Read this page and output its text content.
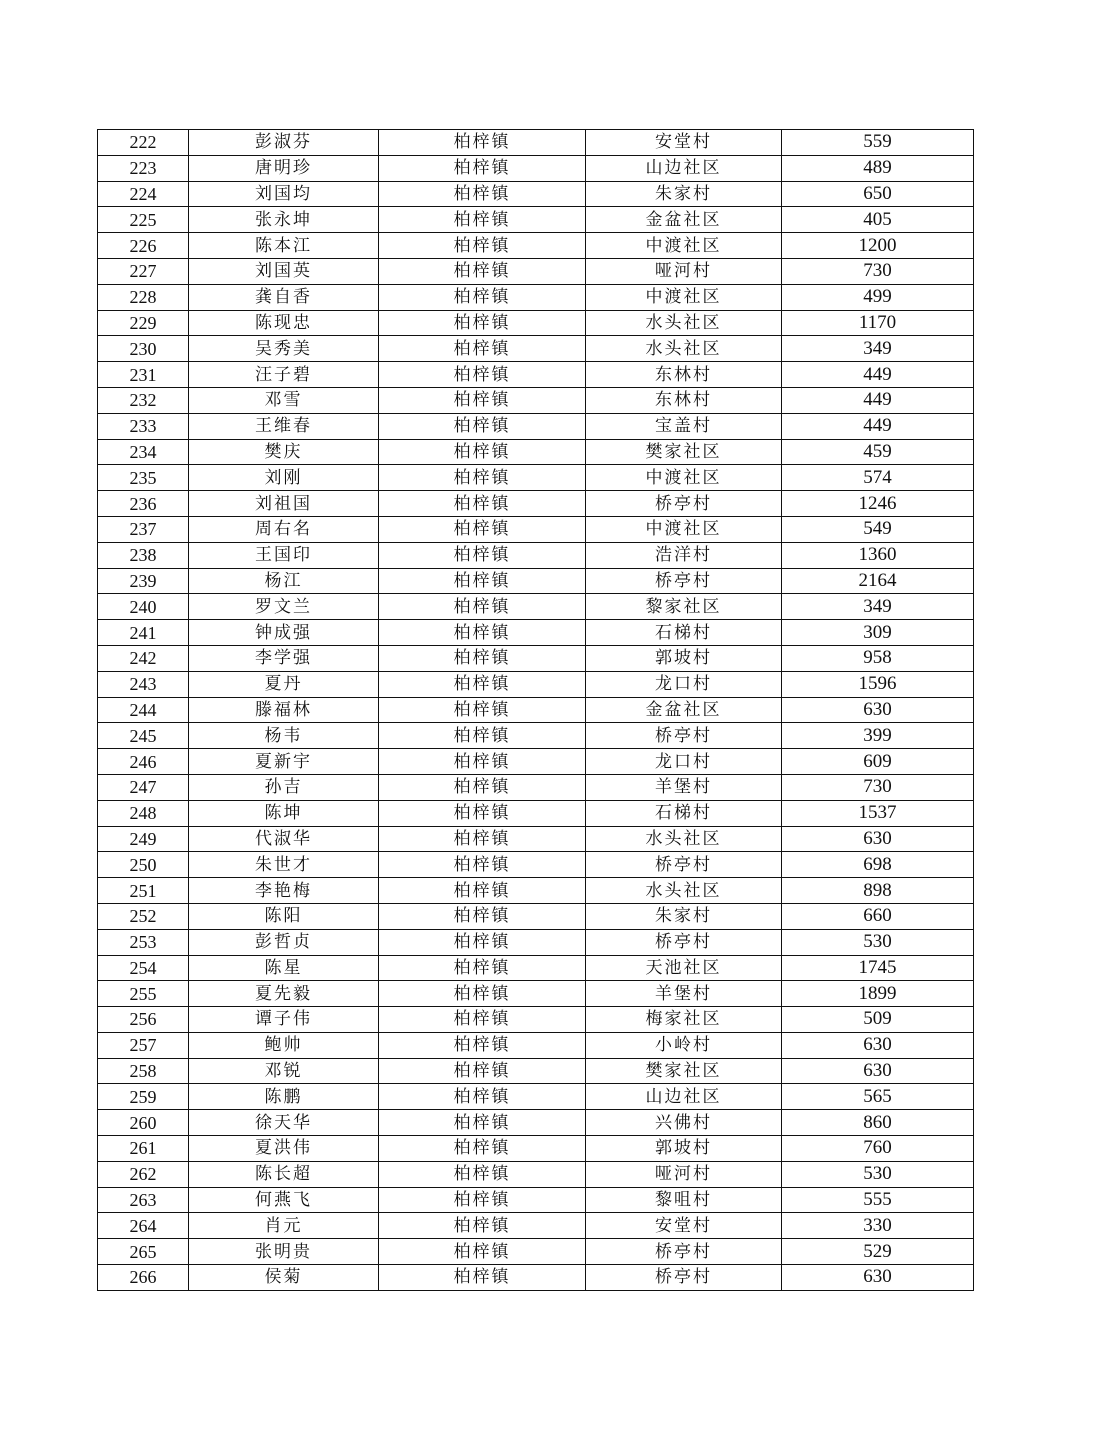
222	彭淑芬	柏梓镇	安堂村	559
223	唐明珍	柏梓镇	山边社区	489
224	刘国均	柏梓镇	朱家村	650
225	张永坤	柏梓镇	金盆社区	405
226	陈本江	柏梓镇	中渡社区	1200
227	刘国英	柏梓镇	哑河村	730
228	龚自香	柏梓镇	中渡社区	499
229	陈现忠	柏梓镇	水头社区	1170
230	吴秀美	柏梓镇	水头社区	349
231	汪子碧	柏梓镇	东林村	449
232	邓雪	柏梓镇	东林村	449
233	王维春	柏梓镇	宝盖村	449
234	樊庆	柏梓镇	樊家社区	459
235	刘刚	柏梓镇	中渡社区	574
236	刘祖国	柏梓镇	桥亭村	1246
237	周右名	柏梓镇	中渡社区	549
238	王国印	柏梓镇	浩洋村	1360
239	杨江	柏梓镇	桥亭村	2164
240	罗文兰	柏梓镇	黎家社区	349
241	钟成强	柏梓镇	石梯村	309
242	李学强	柏梓镇	郭坡村	958
243	夏丹	柏梓镇	龙口村	1596
244	滕福林	柏梓镇	金盆社区	630
245	杨韦	柏梓镇	桥亭村	399
246	夏新宇	柏梓镇	龙口村	609
247	孙吉	柏梓镇	羊堡村	730
248	陈坤	柏梓镇	石梯村	1537
249	代淑华	柏梓镇	水头社区	630
250	朱世才	柏梓镇	桥亭村	698
251	李艳梅	柏梓镇	水头社区	898
252	陈阳	柏梓镇	朱家村	660
253	彭哲贞	柏梓镇	桥亭村	530
254	陈星	柏梓镇	天池社区	1745
255	夏先毅	柏梓镇	羊堡村	1899
256	谭子伟	柏梓镇	梅家社区	509
257	鲍帅	柏梓镇	小岭村	630
258	邓锐	柏梓镇	樊家社区	630
259	陈鹏	柏梓镇	山边社区	565
260	徐天华	柏梓镇	兴佛村	860
261	夏洪伟	柏梓镇	郭坡村	760
262	陈长超	柏梓镇	哑河村	530
263	何燕飞	柏梓镇	黎咀村	555
264	肖元	柏梓镇	安堂村	330
265	张明贵	柏梓镇	桥亭村	529
266	侯菊	柏梓镇	桥亭村	630
